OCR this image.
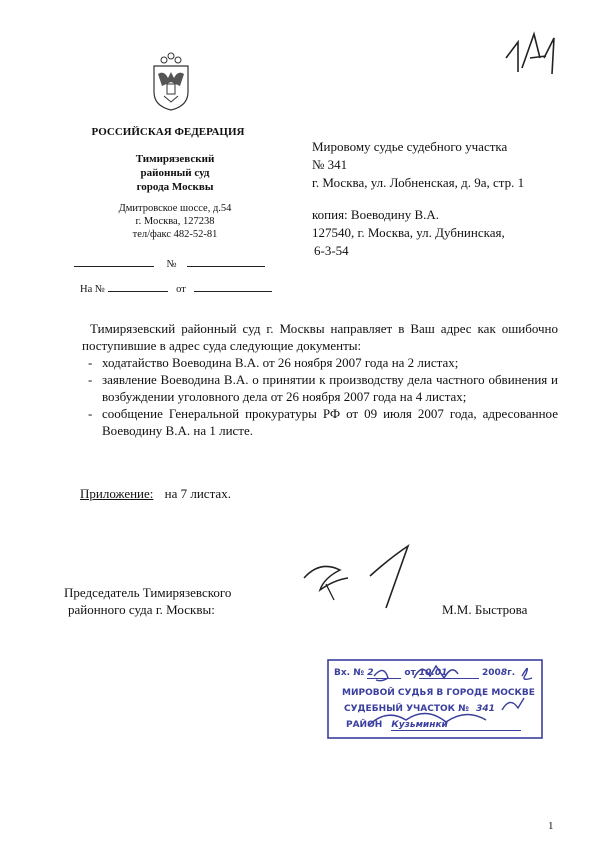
141
РОССИЙСКАЯ ФЕДЕРАЦИЯ
Тимирязевский
районный суд
города Москвы
Дмитровское шоссе, д.54
г. Москва, 127238
тел/факс 482-52-81
№
На №	от
Мировому судье судебного участка
№ 341
г. Москва, ул. Лобненская, д. 9а, стр. 1
копия: Воеводину В.А.
127540, г. Москва, ул. Дубнинская,
6-3-54
Тимирязевский районный суд г. Москвы направляет в Ваш адрес как ошибочно поступившие в адрес суда следующие документы:
- ходатайство Воеводина В.А. от 26 ноября 2007 года на 2 листах;
- заявление Воеводина В.А. о принятии к производству дела частного обвинения и возбуждении уголовного дела от 26 ноября 2007 года на 4 листах;
- сообщение Генеральной прокуратуры РФ от 09 июля 2007 года, адресованное Воеводину В.А. на 1 листе.
Приложение: на 7 листах.
Председатель Тимирязевского
районного суда г. Москвы:	М.М. Быстрова
Вх. № 2	от 10.01	2008г.
МИРОВОЙ СУДЬЯ В ГОРОДЕ МОСКВЕ
СУДЕБНЫЙ УЧАСТОК № 341
РАЙОН Кузьминки
1
